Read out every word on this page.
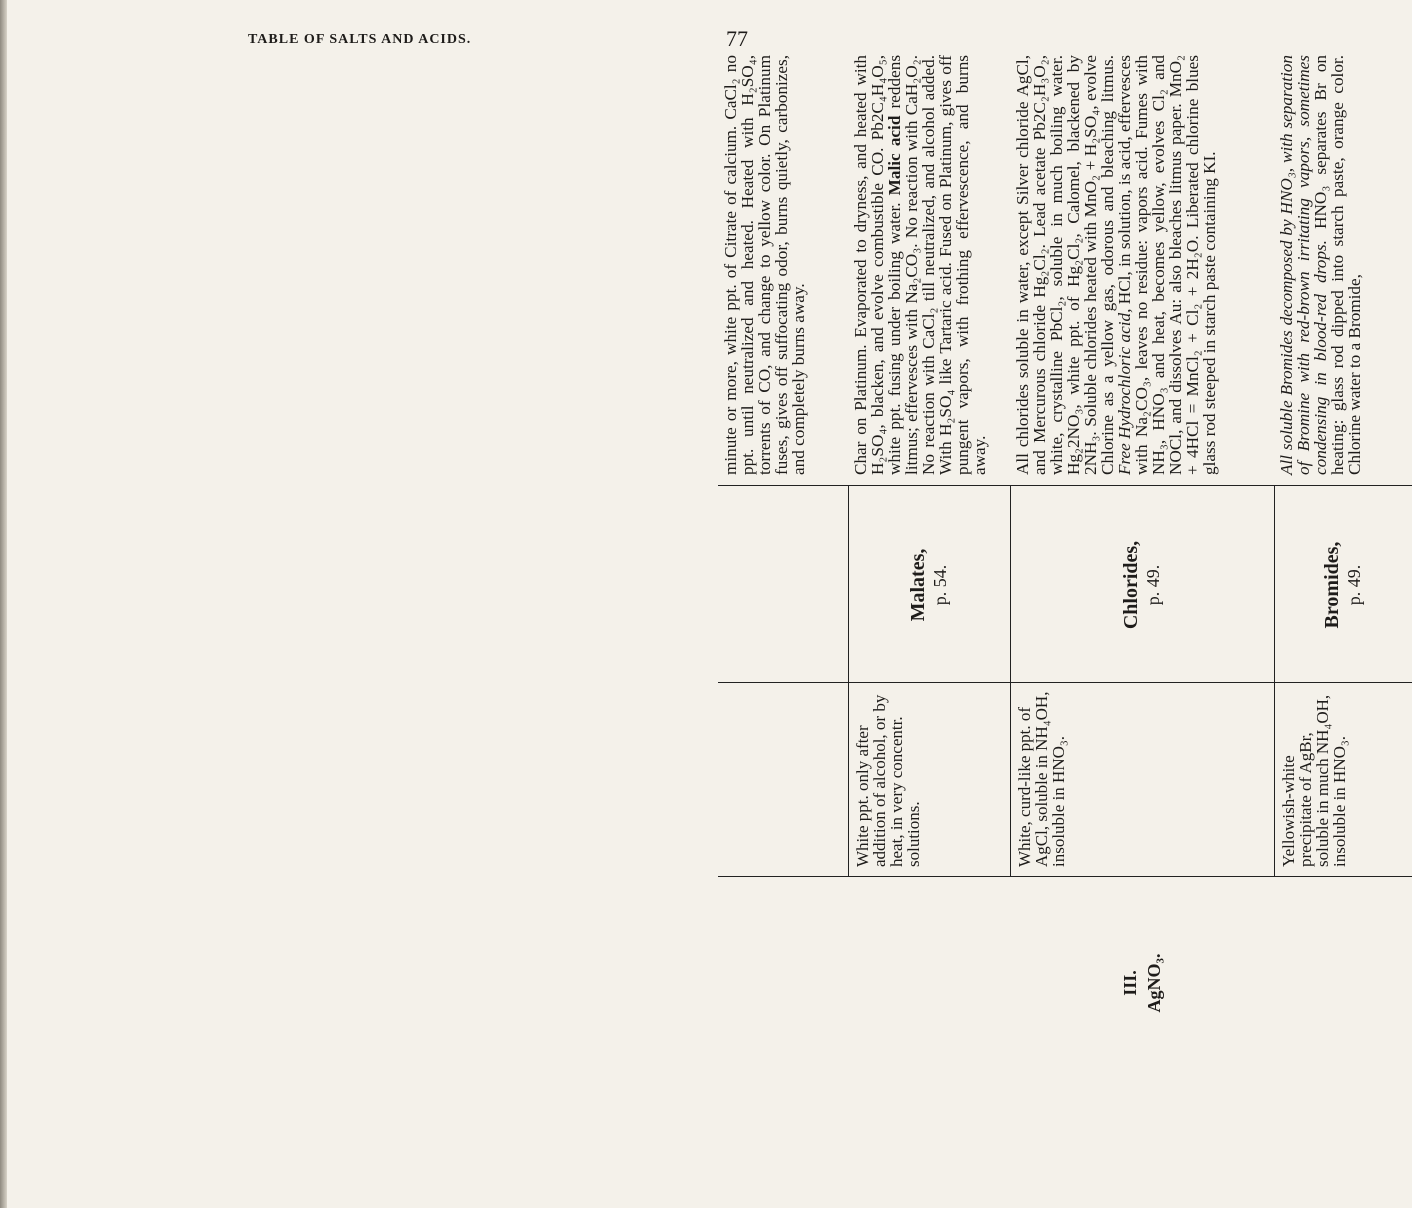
TABLE OF SALTS AND ACIDS.	77
minute or more, white ppt. of Citrate of calcium. CaCl₂ no ppt. until neutralized and heated. Heated with H₂SO₄, torrents of CO, and change to yellow color. On Platinum fuses, gives off suffocating odor, burns quietly, carbonizes, and completely burns away.
Malates, p. 54.
White ppt. only after addition of alcohol, or by heat, in very concentr. solutions.
Char on Platinum. Evaporated to dryness, and heated with H₂SO₄, blacken, and evolve combustible CO. Pb2C₄H₄O₅, white ppt. fusing under boiling water. Malic acid reddens litmus; effervesces with Na₂CO₃. No reaction with CaH₂O₂. No reaction with CaCl₂ till neutralized, and alcohol added. With H₂SO₄ like Tartaric acid. Fused on Platinum, gives off pungent vapors, with frothing effervescence, and burns away.
Chlorides, p. 49.
White, curd-like ppt. of AgCl, soluble in NH₄OH, insoluble in HNO₃.
All chlorides soluble in water, except Silver chloride AgCl, and Mercurous chloride Hg₂Cl₂. Lead acetate Pb2C₂H₃O₂, white, crystalline PbCl₂, soluble in much boiling water. Hg₂2NO₃, white ppt. of Hg₂Cl₂, Calomel, blackened by 2NH₃. Soluble chlorides heated with MnO₂ + H₂SO₄, evolve Chlorine as a yellow gas, odorous and bleaching litmus. Free Hydrochloric acid, HCl, in solution, is acid, effervesces with Na₂CO₃, leaves no residue: vapors acid. Fumes with NH₃, HNO₃ and heat, becomes yellow, evolves Cl₂ and NOCl, and dissolves Au: also bleaches litmus paper. MnO₂ + 4HCl = MnCl₂ + Cl₂ + 2H₂O. Liberated chlorine blues glass rod steeped in starch paste containing KI.
Bromides, p. 49.
Yellowish-white precipitate of AgBr, soluble in much NH₄OH, insoluble in HNO₃.
All soluble Bromides decomposed by HNO₃, with separation of Bromine with red-brown irritating vapors, sometimes condensing in blood-red drops. HNO₃ separates Br on heating: glass rod dipped into starch paste, orange color. Chlorine water to a Bromide,
III. AgNO₃.
